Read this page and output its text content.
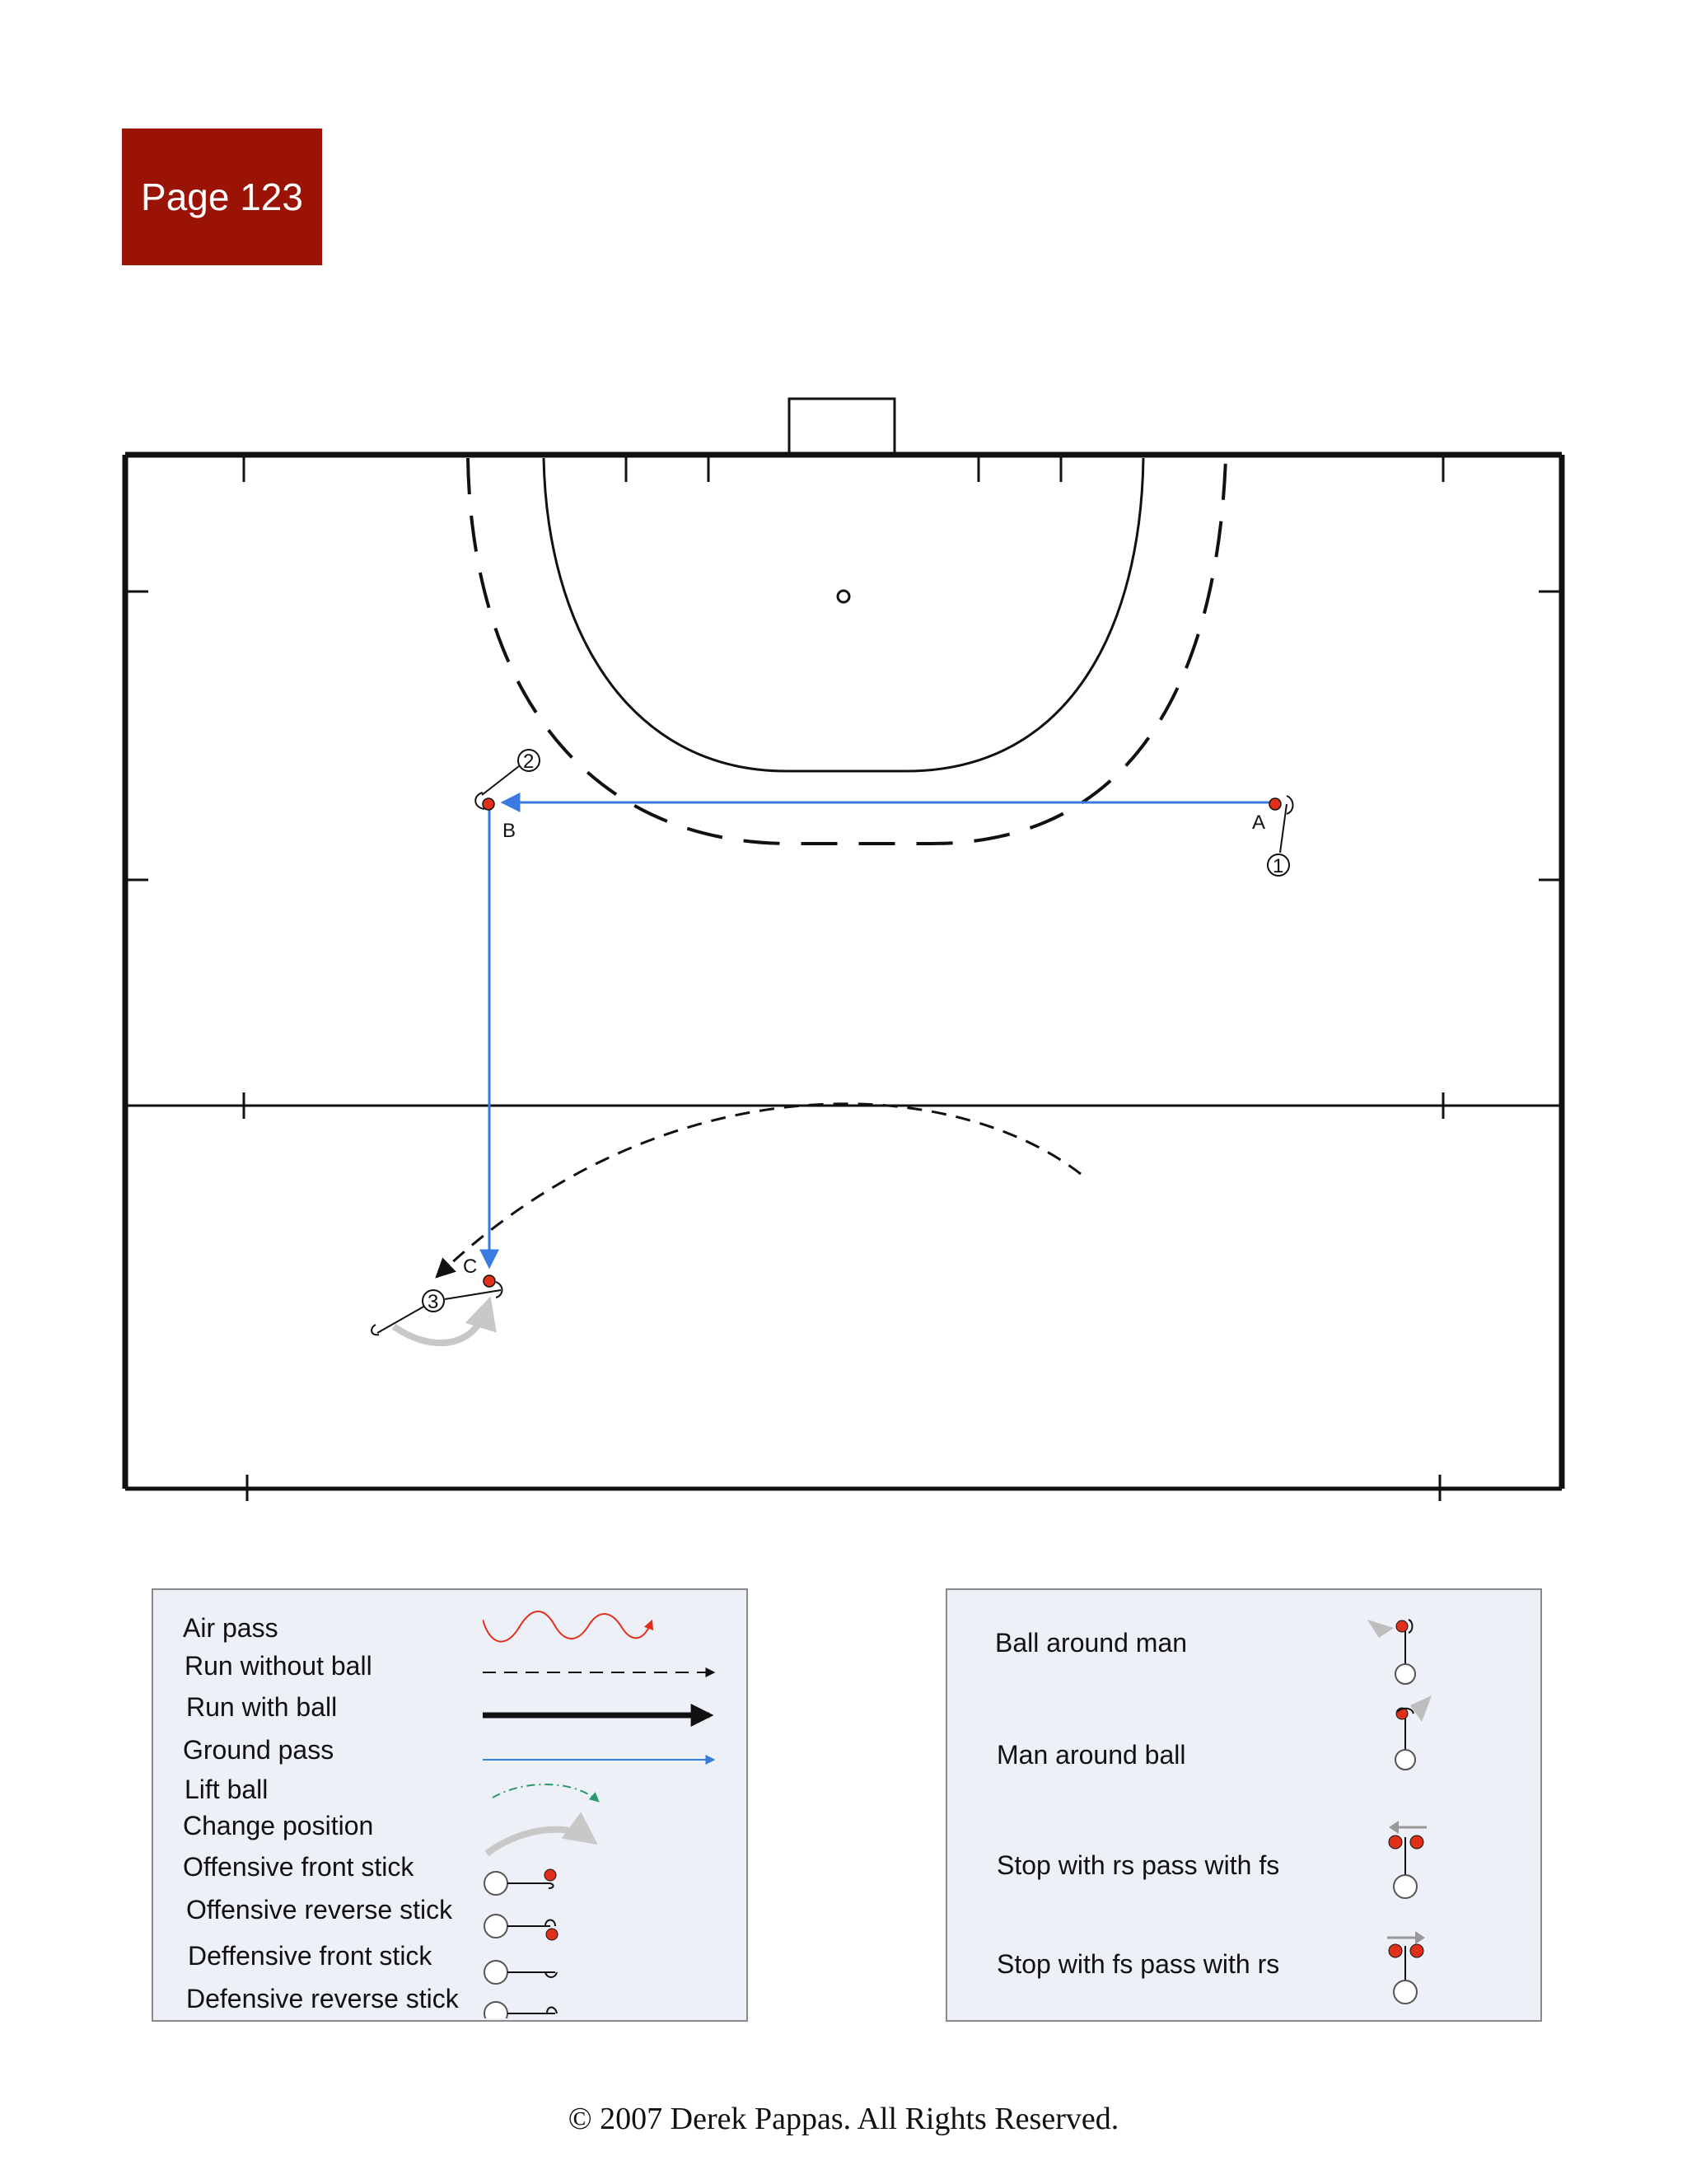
Page 123
A
1
B
2
C
3
Air pass
Run without ball
Run with ball
Ground pass
Lift ball
Change position
Offensive front stick
Offensive reverse stick
Deffensive front stick
Defensive reverse stick
Ball around man
Man around ball
Stop with rs pass with fs
Stop with fs pass with rs
© 2007 Derek Pappas. All Rights Reserved.
